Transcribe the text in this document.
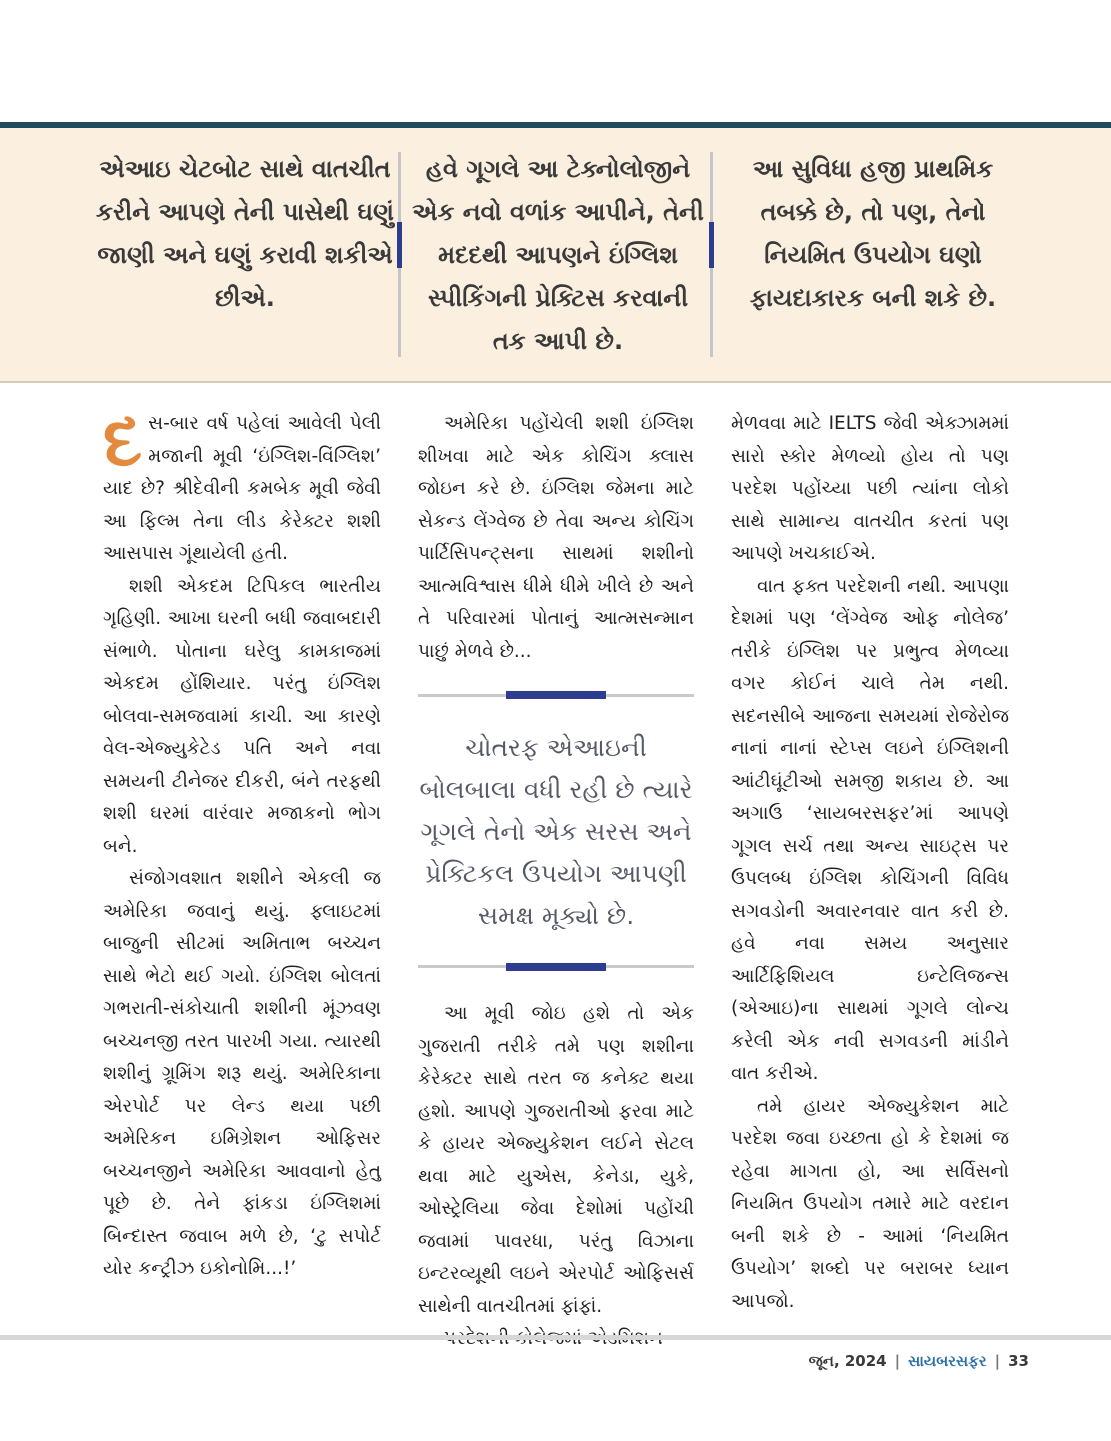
એઆઇ ચેટબોટ સાથે વાતચીત કરીને આપણે તેની પાસેથી ઘણું જાણી અને ઘણું કરાવી શકીએ છીએ.
હવે ગૂગલે આ ટેક્નોલોજીને એક નવો વળાંક આપીને, તેની મદદથી આપણને ઇંગ્લિશ સ્પીકિંગની પ્રેક્ટિસ કરવાની તક આપી છે.
આ સુવિધા હજી પ્રાથમિક તબક્કે છે, તો પણ, તેનો નિયમિત ઉપયોગ ઘણો ફાયદાકારક બની શકે છે.

દસ-બાર વર્ષ પહેલાં આવેલી પેલી મજાની મૂવી ‘ઇંગ્લિશ-વિંગ્લિશ’ યાદ છે? શ્રીદેવીની કમબેક મૂવી જેવી આ ફિલ્મ તેના લીડ કેરેક્ટર શશી આસપાસ ગૂંથાયેલી હતી.

શશી એકદમ ટિપિકલ ભારતીય ગૃહિણી. આખા ઘરની બધી જવાબદારી સંભાળે. પોતાના ઘરેલુ કામકાજમાં એકદમ હોંશિયાર. પરંતુ ઇંગ્લિશ બોલવા-સમજવામાં કાચી. આ કારણે વેલ-એજ્યુકેટેડ પતિ અને નવા સમયની ટીનેજર દીકરી, બંને તરફથી શશી ઘરમાં વારંવાર મજાકનો ભોગ બને.

સંજોગવશાત શશીને એકલી જ અમેરિકા જવાનું થયું. ફ્લાઇટમાં બાજુની સીટમાં અમિતાભ બચ્ચન સાથે ભેટો થઈ ગયો. ઇંગ્લિશ બોલતાં ગભરાતી-સંકોચાતી શશીની મૂંઝવણ બચ્ચનજી તરત પારખી ગયા. ત્યારથી શશીનું ગ્રૂમિંગ શરૂ થયું. અમેરિકાના એરપોર્ટ પર લેન્ડ થયા પછી અમેરિકન ઇમિગ્રેશન ઓફિસર બચ્ચનજીને અમેરિકા આવવાનો હેતુ પૂછે છે. તેને ફાંકડા ઇંગ્લિશમાં બિન્દાસ્ત જવાબ મળે છે, ‘ટુ સપોર્ટ યોર કન્ટ્રીઝ ઇકોનોમિ...!’

અમેરિકા પહોંચેલી શશી ઇંગ્લિશ શીખવા માટે એક કોચિંગ ક્લાસ જોઇન કરે છે. ઇંગ્લિશ જેમના માટે સેકન્ડ લેંગ્વેજ છે તેવા અન્ય કોચિંગ પાર્ટિસિપન્ટ્સના સાથમાં શશીનો આત્મવિશ્વાસ ધીમે ધીમે ખીલે છે અને તે પરિવારમાં પોતાનું આત્મસન્માન પાછું મેળવે છે...

ચોતરફ એઆઇની બોલબાલા વધી રહી છે ત્યારે ગૂગલે તેનો એક સરસ અને પ્રેક્ટિકલ ઉપયોગ આપણી સમક્ષ મૂક્યો છે.

આ મૂવી જોઇ હશે તો એક ગુજરાતી તરીકે તમે પણ શશીના કેરેક્ટર સાથે તરત જ કનેક્ટ થયા હશો. આપણે ગુજરાતીઓ ફરવા માટે કે હાયર એજ્યુકેશન લઈને સેટલ થવા માટે યુએસ, કેનેડા, યુકે, ઓસ્ટ્રેલિયા જેવા દેશોમાં પહોંચી જવામાં પાવરધા, પરંતુ વિઝાના ઇન્ટરવ્યૂથી લઇને એરપોર્ટ ઓફિસર્સ સાથેની વાતચીતમાં ફાંફાં.

મેળવવા માટે IELTS જેવી એક્ઝામમાં સારો સ્કોર મેળવ્યો હોય તો પણ પરદેશ પહોંચ્યા પછી ત્યાંના લોકો સાથે સામાન્ય વાતચીત કરતાં પણ આપણે ખચકાઈએ.

વાત ફક્ત પરદેશની નથી. આપણા દેશમાં પણ ‘લેંગ્વેજ ઓફ નોલેજ’ તરીકે ઇંગ્લિશ પર પ્રભુત્વ મેળવ્યા વગર કોઈનં ચાલે તેમ નથી. સદનસીબે આજના સમયમાં રોજેરોજ નાનાં નાનાં સ્ટેપ્સ લઇને ઇંગ્લિશની આંટીઘૂંટીઓ સમજી શકાય છે. આ અગાઉ ‘સાયબરસફર’માં આપણે ગૂગલ સર્ચ તથા અન્ય સાઇટ્સ પર ઉપલબ્ધ ઇંગ્લિશ કોચિંગની વિવિધ સગવડોની અવારનવાર વાત કરી છે. હવે નવા સમય અનુસાર આર્ટિફિશિયલ ઇન્ટેલિજન્સ (એઆઇ)ના સાથમાં ગૂગલે લોન્ચ કરેલી એક નવી સગવડની માંડીને વાત કરીએ.

તમે હાયર એજ્યુકેશન માટે પરદેશ જવા ઇચ્છતા હો કે દેશમાં જ રહેવા માગતા હો, આ સર્વિસનો નિયમિત ઉપયોગ તમારે માટે વરદાન બની શકે છે - આમાં ‘નિયમિત ઉપયોગ’ શબ્દો પર બરાબર ધ્યાન આપજો.

જૂન, 2024 | સાયબરસફર | 33
